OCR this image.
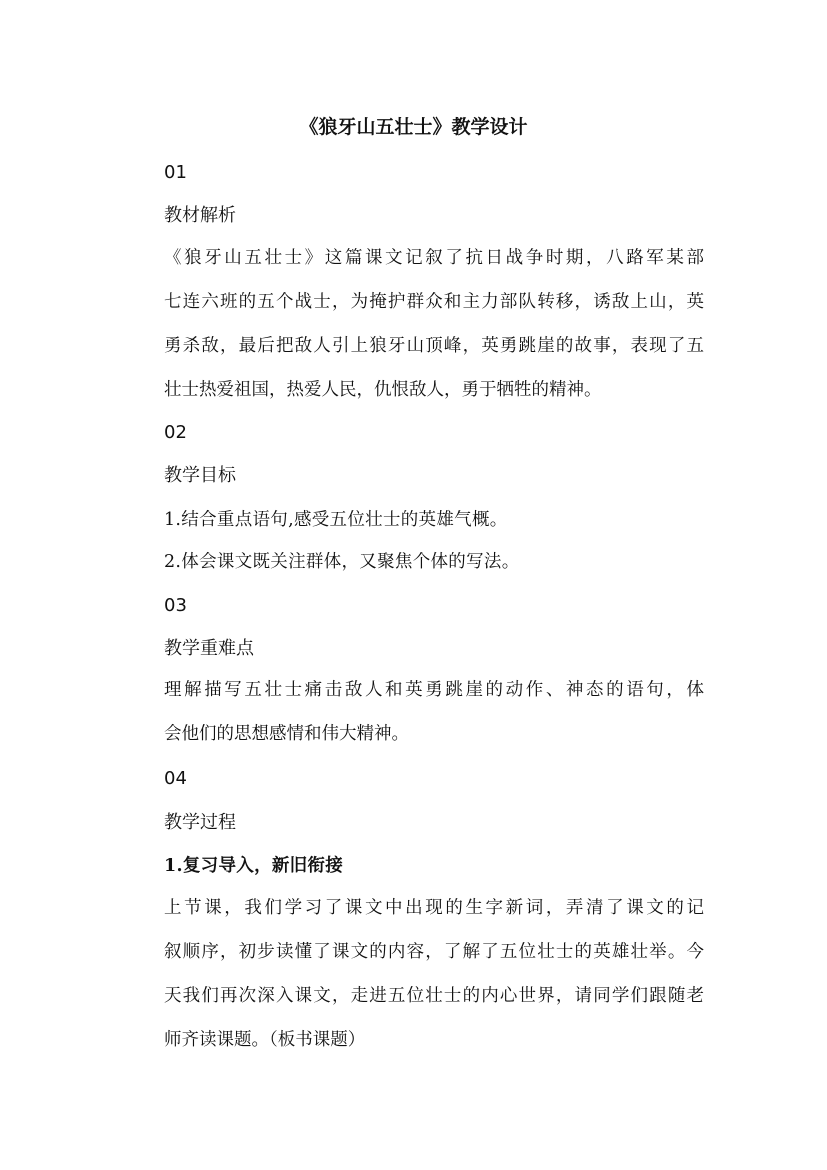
《狼牙山五壮士》教学设计

01

教材解析

《狼牙山五壮士》这篇课文记叙了抗日战争时期，八路军某部
七连六班的五个战士，为掩护群众和主力部队转移，诱敌上山，英
勇杀敌，最后把敌人引上狼牙山顶峰，英勇跳崖的故事，表现了五
壮士热爱祖国，热爱人民，仇恨敌人，勇于牺牲的精神。

02

教学目标

1.结合重点语句,感受五位壮士的英雄气概。

2.体会课文既关注群体，又聚焦个体的写法。

03

教学重难点

理解描写五壮士痛击敌人和英勇跳崖的动作、神态的语句，体
会他们的思想感情和伟大精神。

04

教学过程

1.复习导入，新旧衔接

上节课，我们学习了课文中出现的生字新词，弄清了课文的记
叙顺序，初步读懂了课文的内容，了解了五位壮士的英雄壮举。今
天我们再次深入课文，走进五位壮士的内心世界，请同学们跟随老
师齐读课题。（板书课题）
